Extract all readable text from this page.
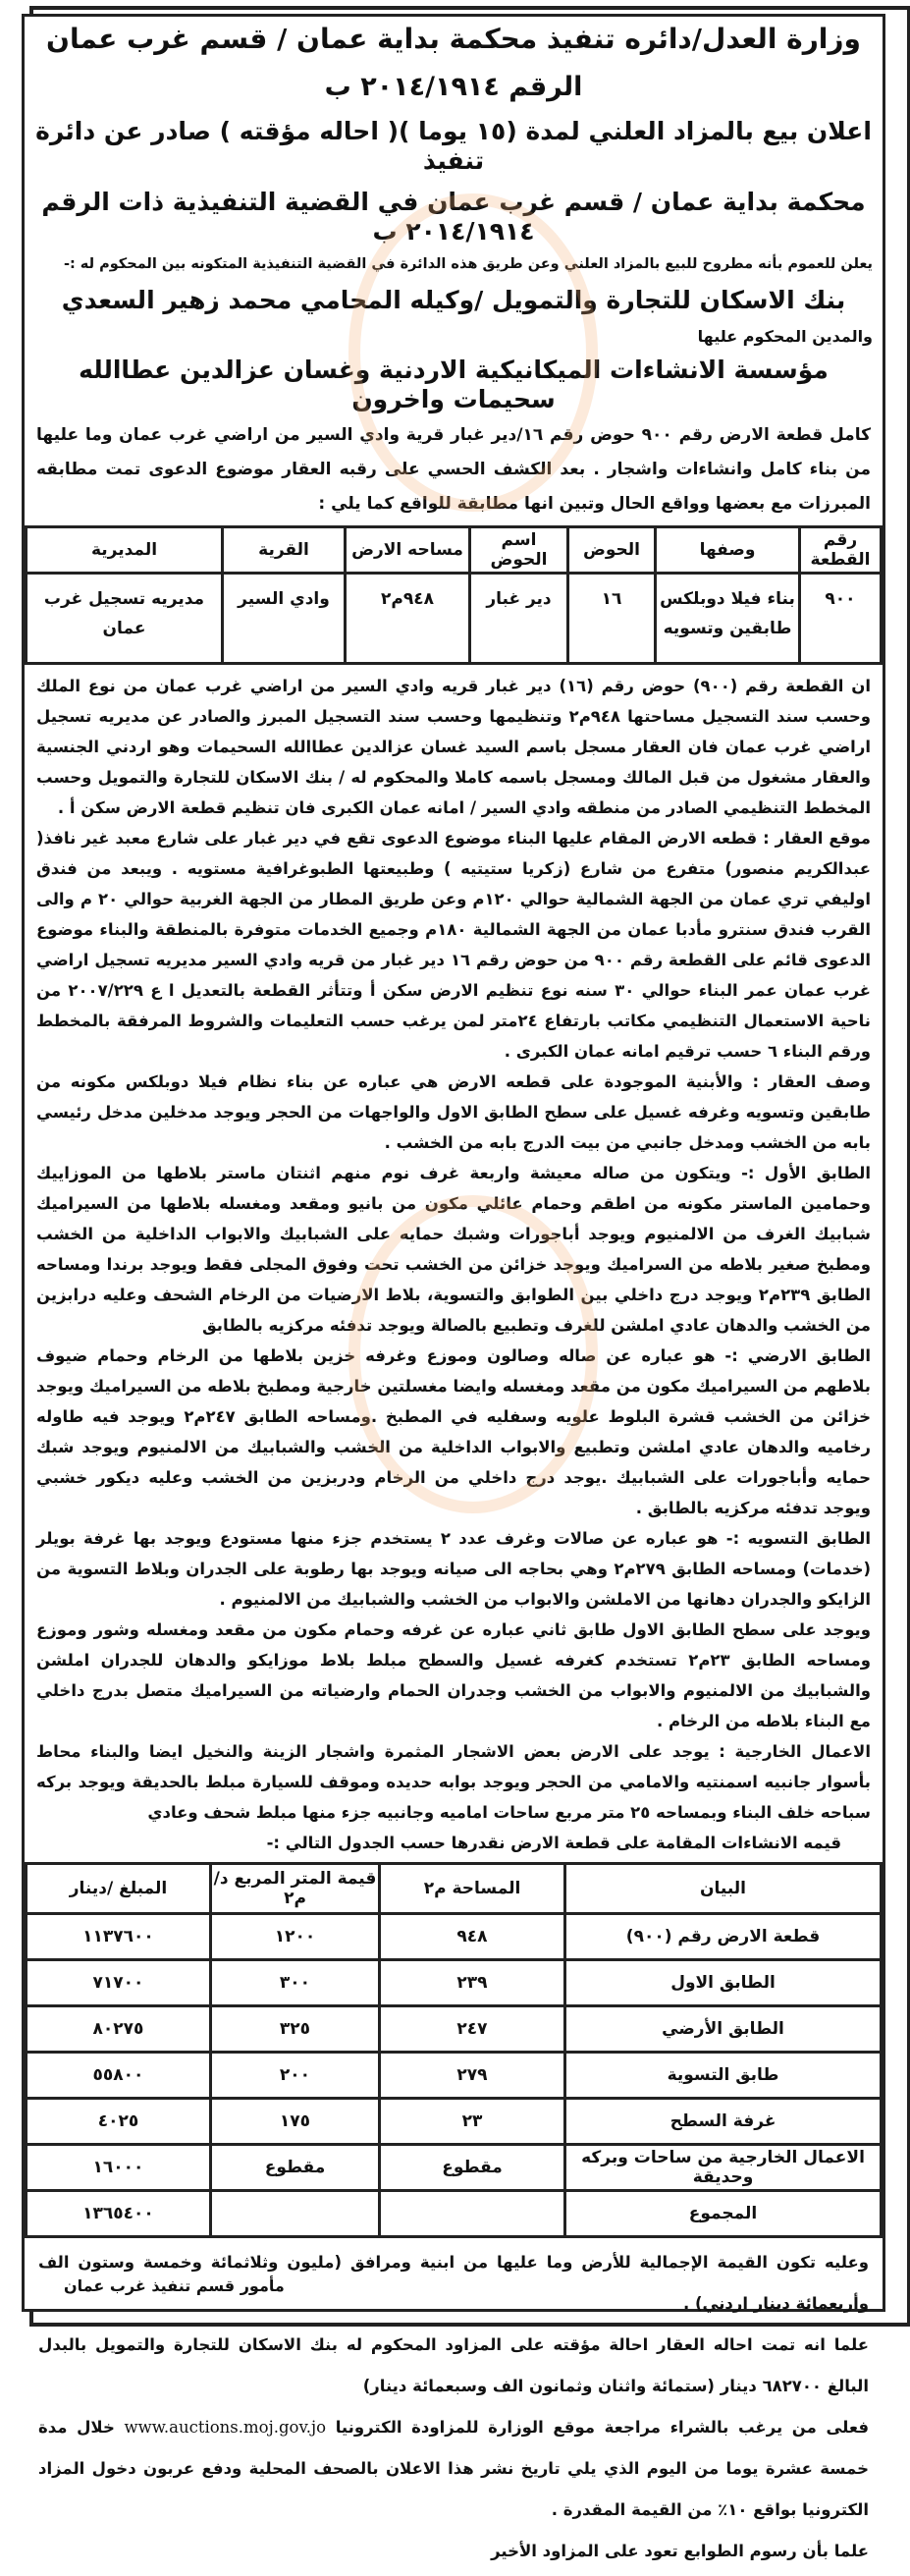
وزارة العدل/دائره تنفيذ محكمة بداية عمان / قسم غرب عمان

الرقم ٢٠١٤/١٩١٤ ب

اعلان بيع بالمزاد العلني لمدة (١٥ يوما )( احاله مؤقته ) صادر عن دائرة تنفيذ

محكمة بداية عمان / قسم غرب عمان في القضية التنفيذية ذات الرقم ٢٠١٤/١٩١٤ ب

يعلن للعموم بأنه مطروح للبيع بالمزاد العلني وعن طريق هذه الدائرة في القضية التنفيذية المتكونه بين المحكوم له :-

بنك الاسكان للتجارة والتمويل /وكيله المحامي محمد زهير السعدي

والمدين المحكوم عليها

مؤسسة الانشاءات الميكانيكية الاردنية وغسان عزالدين عطاالله سحيمات واخرون

كامل قطعة الارض رقم ٩٠٠ حوض رقم ١٦/دير غبار قرية وادي السير من اراضي غرب عمان وما عليها من بناء كامل وانشاءات واشجار . بعد الكشف الحسي على رقبه العقار موضوع الدعوى تمت مطابقه المبرزات مع بعضها وواقع الحال وتبين انها مطابقة للواقع كما يلي :
رقم القطعة	وصفها	الحوض	اسم الحوض	مساحه الارض	القرية	المديرية
٩٠٠	بناء فيلا دوبلكس طابقين وتسويه	١٦	دير غبار	٩٤٨م٢	وادي السير	مديريه تسجيل غرب عمان

ان القطعة رقم (٩٠٠) حوض رقم (١٦) دير غبار قريه وادي السير من اراضي غرب عمان من نوع الملك وحسب سند التسجيل مساحتها ٩٤٨م٢ وتنظيمها وحسب سند التسجيل المبرز والصادر عن مديريه تسجيل اراضي غرب عمان فان العقار مسجل باسم السيد غسان عزالدين عطاالله السحيمات وهو اردني الجنسية والعقار مشغول من قبل المالك ومسجل باسمه كاملا والمحكوم له / بنك الاسكان للتجارة والتمويل وحسب المخطط التنظيمي الصادر من منطقه وادي السير / امانه عمان الكبرى فان تنظيم قطعة الارض سكن أ .

موقع العقار : قطعه الارض المقام عليها البناء موضوع الدعوى تقع في دير غبار على شارع معبد غير نافذ( عبدالكريم منصور) متفرع من شارع (زكريا ستيتيه ) وطبيعتها الطبوغرافية مستويه . ويبعد من فندق اوليفي تري عمان من الجهة الشمالية حوالي ١٢٠م وعن طريق المطار من الجهة الغربية حوالي ٢٠ م والى القرب فندق سنترو مأدبا عمان من الجهة الشمالية ١٨٠م وجميع الخدمات متوفرة بالمنطقة والبناء موضوع الدعوى قائم على القطعة رقم ٩٠٠ من حوض رقم ١٦ دير غبار من قريه وادي السير مديريه تسجيل اراضي غرب عمان عمر البناء حوالي ٣٠ سنه نوع تنظيم الارض سكن أ وتتأثر القطعة بالتعديل ا ع ٢٠٠٧/٢٢٩ من ناحية الاستعمال التنظيمي مكاتب بارتفاع ٢٤متر لمن يرغب حسب التعليمات والشروط المرفقة بالمخطط ورقم البناء ٦ حسب ترقيم امانه عمان الكبرى .

وصف العقار : والأبنية الموجودة على قطعه الارض هي عباره عن بناء نظام فيلا دوبلكس مكونه من طابقين وتسويه وغرفه غسيل على سطح الطابق الاول والواجهات من الحجر ويوجد مدخلين مدخل رئيسي بابه من الخشب ومدخل جانبي من بيت الدرج بابه من الخشب .

الطابق الأول :- ويتكون من صاله معيشة واربعة غرف نوم منهم اثنتان ماستر بلاطها من الموزاييك وحمامين الماستر مكونه من اطقم وحمام عائلي مكون من بانيو ومقعد ومغسله بلاطها من السيراميك شبابيك الغرف من الالمنيوم ويوجد أباجورات وشبك حمايه على الشبابيك والابواب الداخلية من الخشب ومطبخ صغير بلاطه من السراميك ويوجد خزائن من الخشب تحت وفوق المجلى فقط ويوجد برندا ومساحه الطابق ٢٣٩م٢ ويوجد درج داخلي بين الطوابق والتسوية، بلاط الارضيات من الرخام الشحف وعليه درابزين من الخشب والدهان عادي املشن للغرف وتطبيع بالصالة ويوجد تدفئه مركزيه بالطابق

الطابق الارضي :- هو عباره عن صاله وصالون وموزع وغرفه خزين بلاطها من الرخام وحمام ضيوف بلاطهم من السيراميك مكون من مقعد ومغسله وايضا مغسلتين خارجية ومطبخ بلاطه من السيراميك ويوجد خزائن من الخشب قشرة البلوط علويه وسفليه في المطبخ .ومساحه الطابق ٢٤٧م٢ ويوجد فيه طاوله رخاميه والدهان عادي املشن وتطبيع والابواب الداخلية من الخشب والشبابيك من الالمنيوم ويوجد شبك حمايه وأباجورات على الشبابيك .يوجد درج داخلي من الرخام ودربزين من الخشب وعليه ديكور خشبي ويوجد تدفئه مركزيه بالطابق .

الطابق التسويه :- هو عباره عن صالات وغرف عدد ٢ يستخدم جزء منها مستودع ويوجد بها غرفة بويلر (خدمات) ومساحه الطابق ٢٧٩م٢ وهي بحاجه الى صيانه ويوجد بها رطوبة على الجدران وبلاط التسوية من الزايكو والجدران دهانها من الاملشن والابواب من الخشب والشبابيك من الالمنيوم .

ويوجد على سطح الطابق الاول طابق ثاني عباره عن غرفه وحمام مكون من مقعد ومغسله وشور وموزع ومساحه الطابق ٢٣م٢ تستخدم كغرفه غسيل والسطح مبلط بلاط موزايكو والدهان للجدران املشن والشبابيك من الالمنيوم والابواب من الخشب وجدران الحمام وارضياته من السيراميك متصل بدرج داخلي مع البناء بلاطه من الرخام .

الاعمال الخارجية : يوجد على الارض بعض الاشجار المثمرة واشجار الزينة والنخيل ايضا والبناء محاط بأسوار جانبيه اسمنتيه والامامي من الحجر ويوجد بوابه حديده وموقف للسيارة مبلط بالحديقة ويوجد بركه سباحه خلف البناء وبمساحه ٢٥ متر مربع ساحات اماميه وجانبيه جزء منها مبلط شحف وعادي

قيمه الانشاءات المقامة على قطعة الارض نقدرها حسب الجدول التالي :-

البيان	المساحة م٢	قيمة المتر المربع د/م٢	المبلغ /دينار
قطعة الارض رقم (٩٠٠)	٩٤٨	١٢٠٠	١١٣٧٦٠٠
الطابق الاول	٢٣٩	٣٠٠	٧١٧٠٠
الطابق الأرضي	٢٤٧	٣٢٥	٨٠٢٧٥
طابق التسوية	٢٧٩	٢٠٠	٥٥٨٠٠
غرفة السطح	٢٣	١٧٥	٤٠٢٥
الاعمال الخارجية من ساحات وبركه وحديقة	مقطوع	مقطوع	١٦٠٠٠
المجموع			١٣٦٥٤٠٠

وعليه تكون القيمة الإجمالية للأرض وما عليها من ابنية ومرافق (مليون وثلاثمائة وخمسة وستون الف وأربعمائة دينار اردني) .

علما انه تمت احاله العقار احالة مؤقته على المزاود المحكوم له بنك الاسكان للتجارة والتمويل بالبدل البالغ ٦٨٢٧٠٠ دينار (ستمائة واثنان وثمانون الف وسبعمائة دينار)

فعلى من يرغب بالشراء مراجعة موقع الوزارة للمزاودة الكترونيا www.auctions.moj.gov.jo خلال مدة خمسة عشرة يوما من اليوم الذي يلي تاريخ نشر هذا الاعلان بالصحف المحلية ودفع عربون دخول المزاد الكترونيا بواقع ١٠٪ من القيمة المقدرة .

علما بأن رسوم الطوابع تعود على المزاود الأخير

مأمور قسم تنفيذ غرب عمان
